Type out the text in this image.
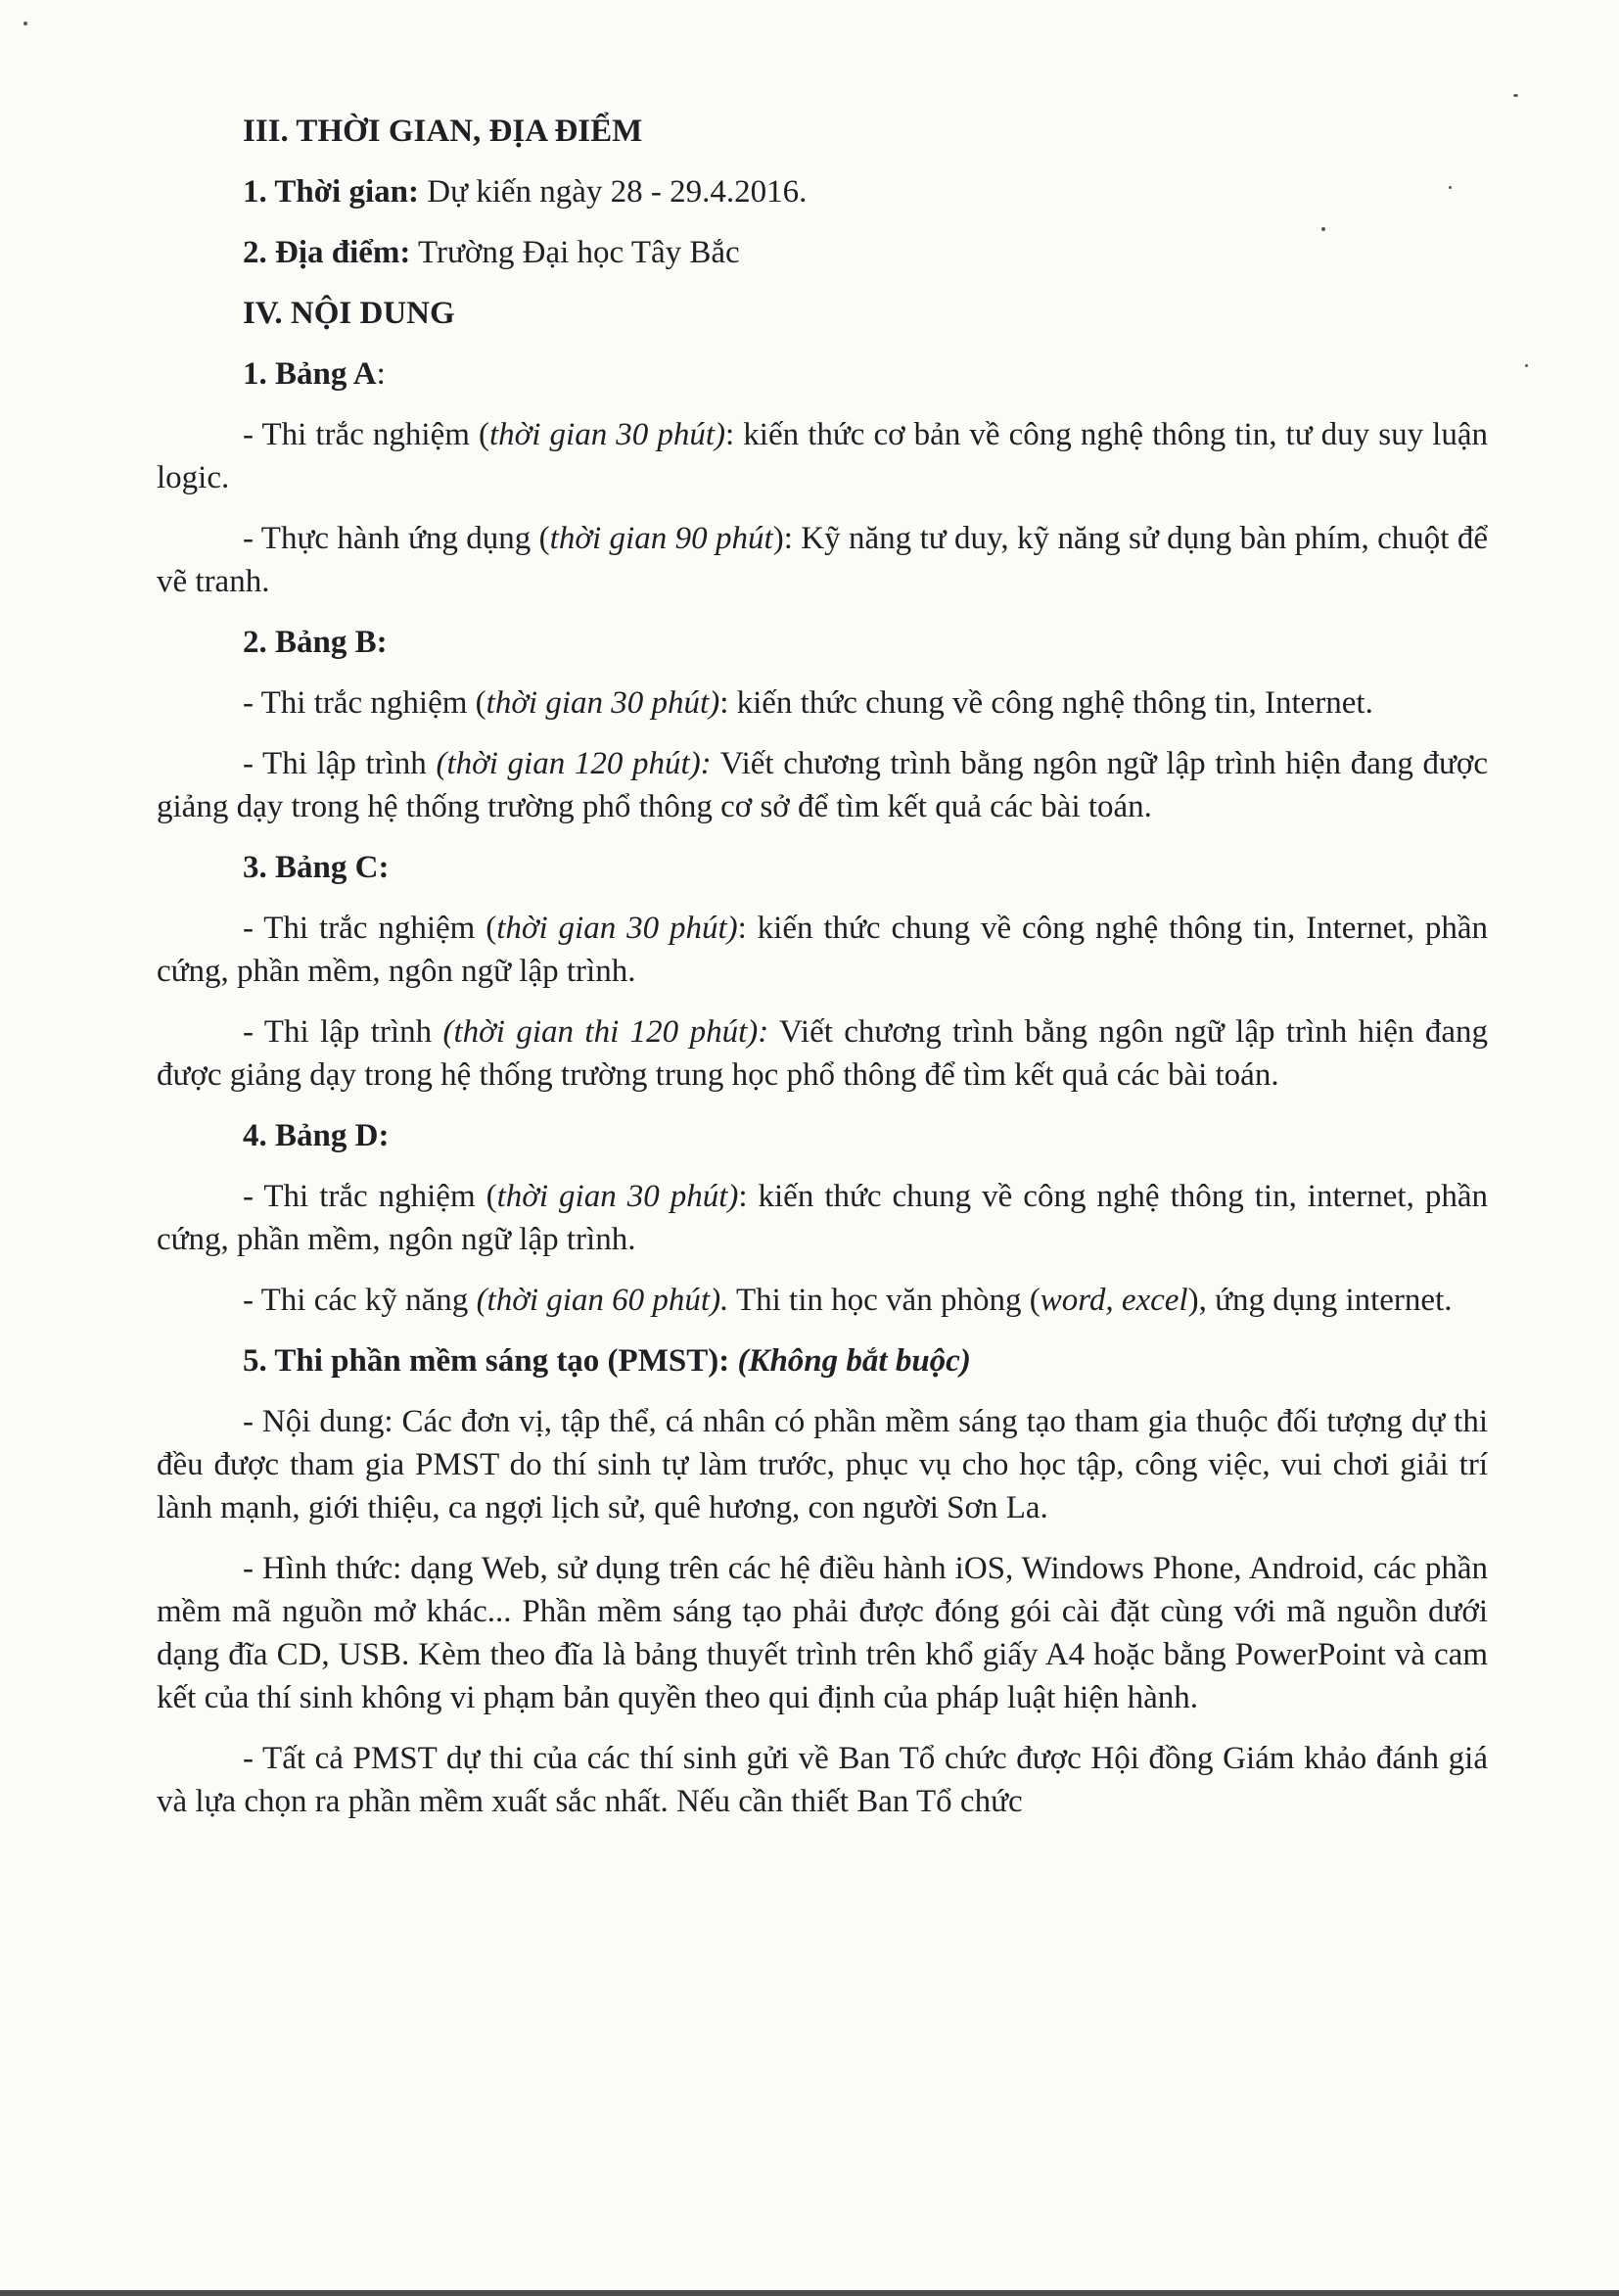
III. THỜI GIAN, ĐỊA ĐIỂM
1. Thời gian: Dự kiến ngày 28 - 29.4.2016.
2. Địa điểm: Trường Đại học Tây Bắc
IV. NỘI DUNG
1. Bảng A:
- Thi trắc nghiệm (thời gian 30 phút): kiến thức cơ bản về công nghệ thông tin, tư duy suy luận logic.
- Thực hành ứng dụng (thời gian 90 phút): Kỹ năng tư duy, kỹ năng sử dụng bàn phím, chuột để vẽ tranh.
2. Bảng B:
- Thi trắc nghiệm (thời gian 30 phút): kiến thức chung về công nghệ thông tin, Internet.
- Thi lập trình (thời gian 120 phút): Viết chương trình bằng ngôn ngữ lập trình hiện đang được giảng dạy trong hệ thống trường phổ thông cơ sở để tìm kết quả các bài toán.
3. Bảng C:
- Thi trắc nghiệm (thời gian 30 phút): kiến thức chung về công nghệ thông tin, Internet, phần cứng, phần mềm, ngôn ngữ lập trình.
- Thi lập trình (thời gian thi 120 phút): Viết chương trình bằng ngôn ngữ lập trình hiện đang được giảng dạy trong hệ thống trường trung học phổ thông để tìm kết quả các bài toán.
4. Bảng D:
- Thi trắc nghiệm (thời gian 30 phút): kiến thức chung về công nghệ thông tin, internet, phần cứng, phần mềm, ngôn ngữ lập trình.
- Thi các kỹ năng (thời gian 60 phút). Thi tin học văn phòng (word, excel), ứng dụng internet.
5. Thi phần mềm sáng tạo (PMST): (Không bắt buộc)
- Nội dung: Các đơn vị, tập thể, cá nhân có phần mềm sáng tạo tham gia thuộc đối tượng dự thi đều được tham gia PMST do thí sinh tự làm trước, phục vụ cho học tập, công việc, vui chơi giải trí lành mạnh, giới thiệu, ca ngợi lịch sử, quê hương, con người Sơn La.
- Hình thức: dạng Web, sử dụng trên các hệ điều hành iOS, Windows Phone, Android, các phần mềm mã nguồn mở khác... Phần mềm sáng tạo phải được đóng gói cài đặt cùng với mã nguồn dưới dạng đĩa CD, USB. Kèm theo đĩa là bảng thuyết trình trên khổ giấy A4 hoặc bằng PowerPoint và cam kết của thí sinh không vi phạm bản quyền theo qui định của pháp luật hiện hành.
- Tất cả PMST dự thi của các thí sinh gửi về Ban Tổ chức được Hội đồng Giám khảo đánh giá và lựa chọn ra phần mềm xuất sắc nhất. Nếu cần thiết Ban Tổ chức
